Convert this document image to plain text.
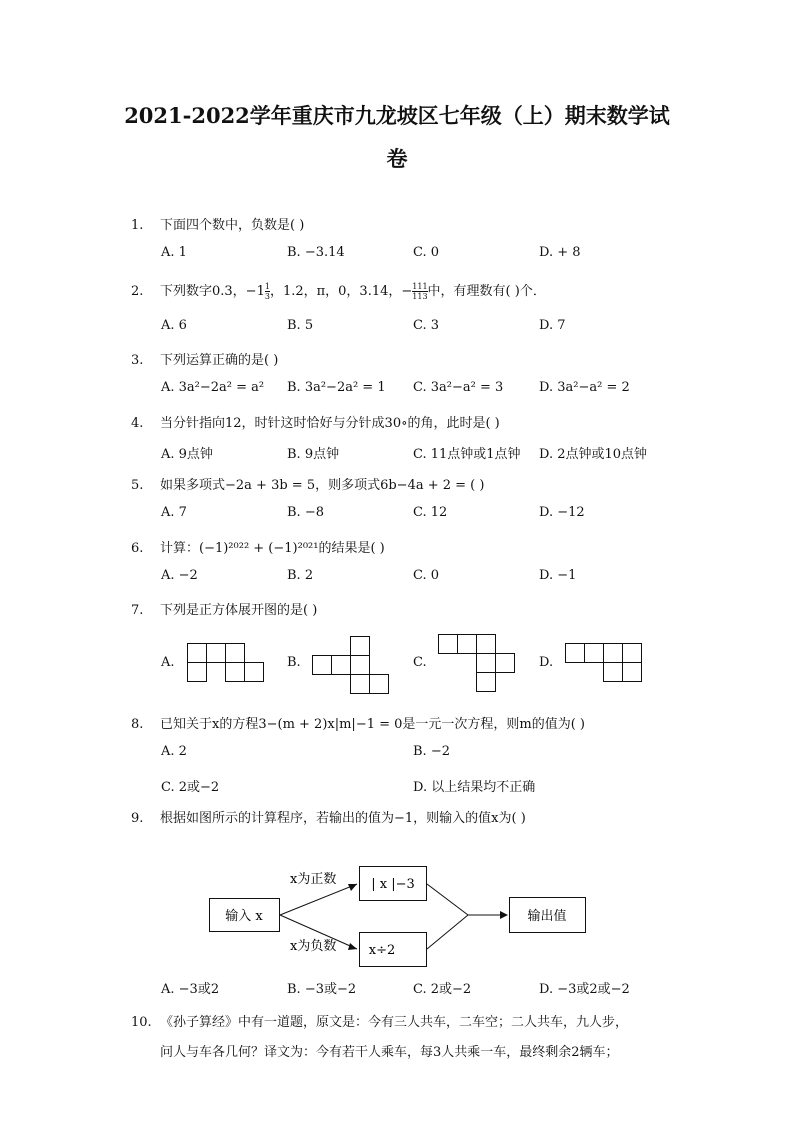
2021-2022学年重庆市九龙坡区七年级（上）期末数学试
卷
1. 下面四个数中，负数是( )
A. 1	B. −3.14	C. 0	D. + 8
2. 下列数字0.3，$-1 \frac{1}{3}$ ，1.2，π，0，3.14，− $\frac{111}{113}$ 中，有理数有( )个．
A. 6	B. 5	C. 3	D. 7
3. 下列运算正确的是( )
A. 3a²−2a² = a² B. 3a²−2a² = 1 C. 3a²−a² = 3	D. 3a²−a² = 2
4. 当分针指向12，时针这时恰好与分针成30∘的角，此时是( )
A. 9点钟	B. 9点钟	C. 11点钟或1点钟 D. 2点钟或10点钟
5. 如果多项式−2a + 3b = 5，则多项式6b−4a + 2 = ( )
A. 7	B. −8	C. 12	D. −12
6. 计算：(−1)²⁰²² + (−1)²⁰²¹的结果是( )
A. −2	B. 2	C. 0	D. −1
7. 下列是正方体展开图的是( )
A.	B.	C.	D.
8. 已知关于x的方程3−(m + 2)x|m|−1 = 0是一元一次方程，则m的值为( )
A. 2	B. −2
C. 2或−2	D. 以上结果均不正确
9. 根据如图所示的计算程序，若输出的值为−1，则输入的值x为( )
输入 x
| x |−3
x÷2
输出值
x为正数
x为负数
A. −3或2	B. −3或−2	C. 2或−2	D. −3或2或−2
10. 《孙子算经》中有一道题，原文是：今有三人共车，二车空；二人共车，九人步，
问人与车各几何？译文为：今有若干人乘车，每3人共乘一车，最终剩余2辆车；
